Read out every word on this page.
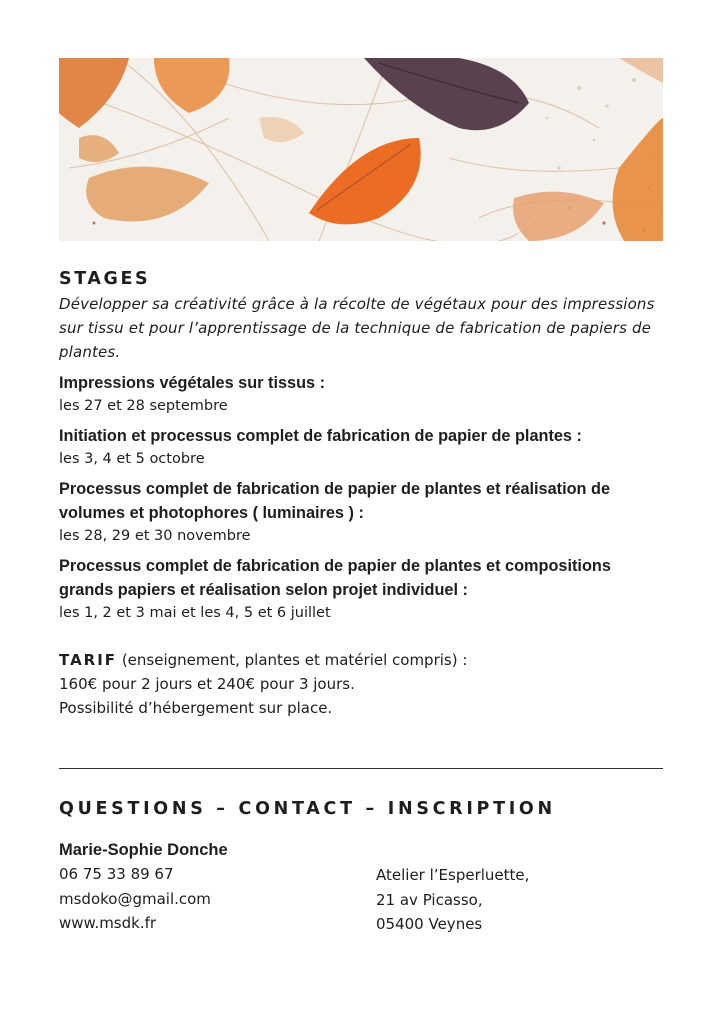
STAGES

Développer sa créativité grâce à la récolte de végétaux pour des impressions sur tissu et pour l’apprentissage de la technique de fabrication de papiers de plantes.

Impressions végétales sur tissus :

les 27 et 28 septembre

Initiation et processus complet de fabrication de papier de plantes :

les 3, 4 et 5 octobre

Processus complet de fabrication de papier de plantes et réalisation de

volumes et photophores ( luminaires ) :

les 28, 29 et 30 novembre

Processus complet de fabrication de papier de plantes et compositions

grands papiers et réalisation selon projet individuel :

les 1, 2 et 3 mai et les 4, 5 et 6 juillet

TARIF (enseignement, plantes et matériel compris) :

160€ pour 2 jours et 240€ pour 3 jours.

Possibilité d’hébergement sur place.

QUESTIONS – CONTACT – INSCRIPTION

Marie-Sophie Donche

06 75 33 89 67

msdoko@gmail.com

www.msdk.fr

Atelier l’Esperluette,

21 av Picasso,

05400 Veynes
